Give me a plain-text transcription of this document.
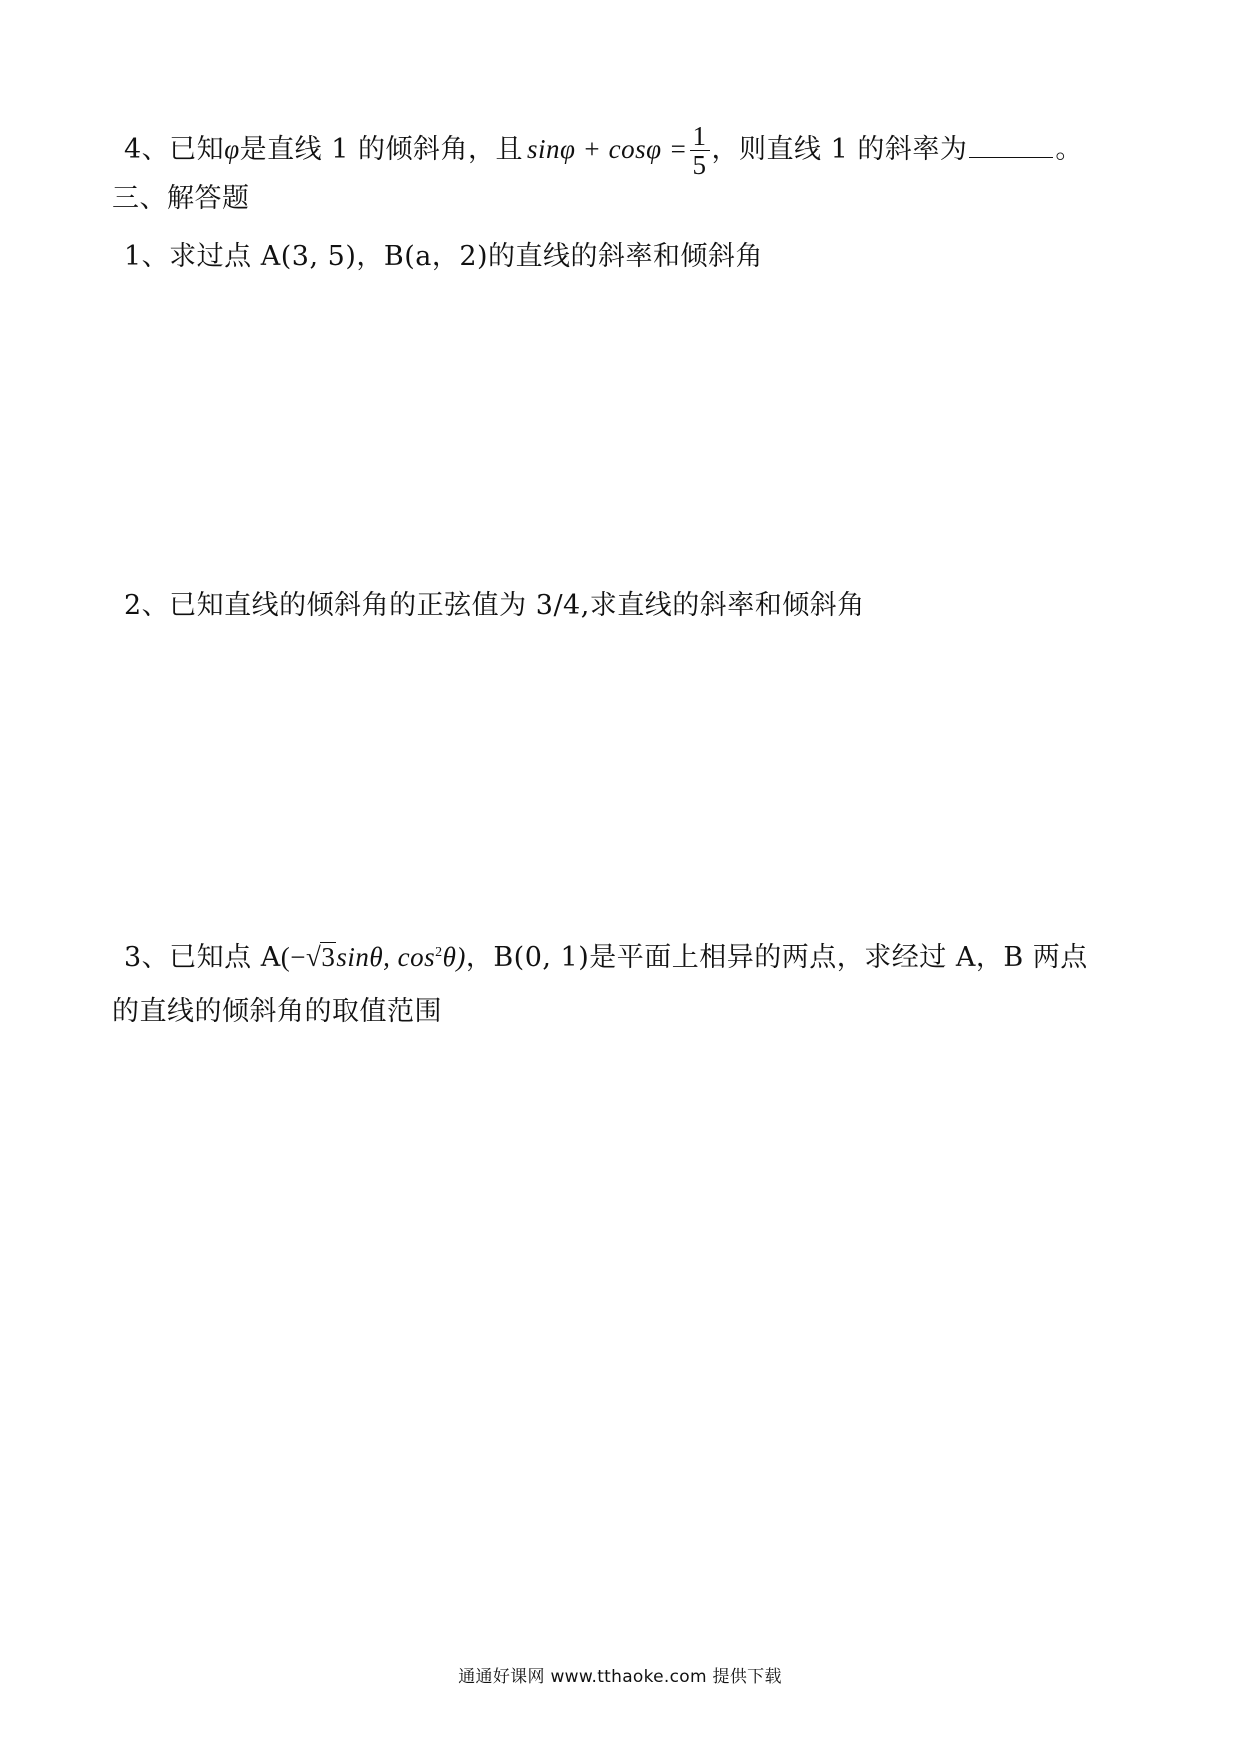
4、已知φ是直线 1 的倾斜角，且 $\sin\varphi + \cos\varphi = \frac{1}{5}$ ，则直线 1 的斜率为	。
三、解答题
1、求过点 A(3, 5)，B(a，2)的直线的斜率和倾斜角
2、已知直线的倾斜角的正弦值为 3/4,求直线的斜率和倾斜角
3、已知点 A(−√3sinθ, $\cos^2\theta$)，B(0, 1)是平面上相异的两点，求经过 A，B 两点
的直线的倾斜角的取值范围
通通好课网 www.tthaoke.com 提供下载
